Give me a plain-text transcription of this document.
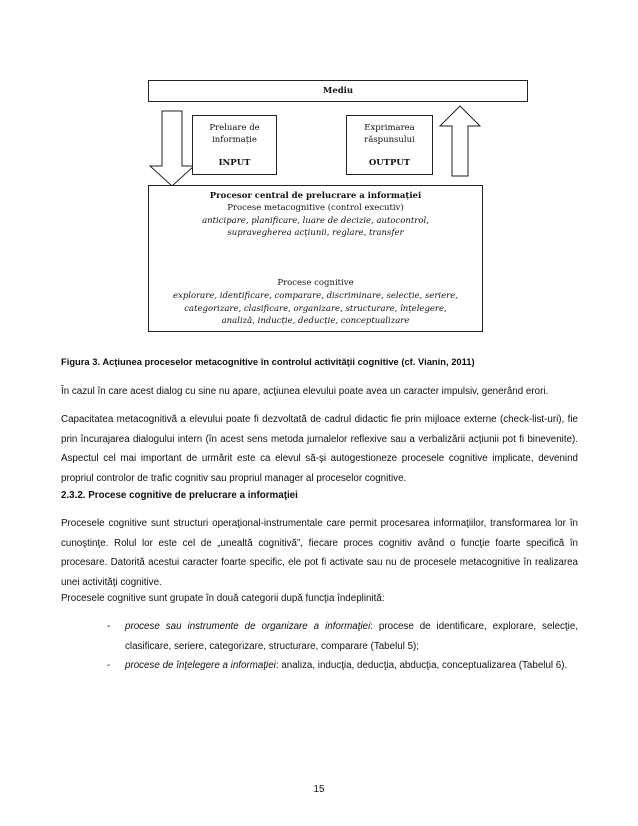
Mediu
Preluare de informație
INPUT
Exprimarea răspunsului
OUTPUT
Procesor central de prelucrare a informației
Procese metacognitive (control executiv)
anticipare, planificare, luare de decizie, autocontrol, supravegherea acțiunii, reglare, transfer
Procese cognitive
explorare, identificare, comparare, discriminare, selecție, seriere, categorizare, clasificare, organizare, structurare, înțelegere, analiză, inducție, deducție, conceptualizare
Figura 3. Acţiunea proceselor metacognitive în controlul activităţii cognitive (cf. Vianin, 2011)
În cazul în care acest dialog cu sine nu apare, acţiunea elevului poate avea un caracter impulsiv, generând erori.
Capacitatea metacognitivă a elevului poate fi dezvoltată de cadrul didactic fie prin mijloace externe (check-list-uri), fie prin încurajarea dialogului intern (în acest sens metoda jurnalelor reflexive sau a verbalizării acţiunii pot fi binevenite). Aspectul cel mai important de urmărit este ca elevul să-şi autogestioneze procesele cognitive implicate, devenind propriul controlor de trafic cognitiv sau propriul manager al proceselor cognitive.
2.3.2. Procese cognitive de prelucrare a informaţiei
Procesele cognitive sunt structuri operaţional-instrumentale care permit procesarea informaţiilor, transformarea lor în cunoştinţe. Rolul lor este cel de „unealtă cognitivă”, fiecare proces cognitiv având o funcţie foarte specifică în procesare. Datorită acestui caracter foarte specific, ele pot fi activate sau nu de procesele metacognitive în realizarea unei activităţi cognitive.
Procesele cognitive sunt grupate în două categorii după funcţia îndeplinită:
- procese sau instrumente de organizare a informaţiei: procese de identificare, explorare, selecţie, clasificare, seriere, categorizare, structurare, comparare (Tabelul 5);
- procese de înţelegere a informaţiei: analiza, inducţia, deducţia, abducţia, conceptualizarea (Tabelul 6).
15
